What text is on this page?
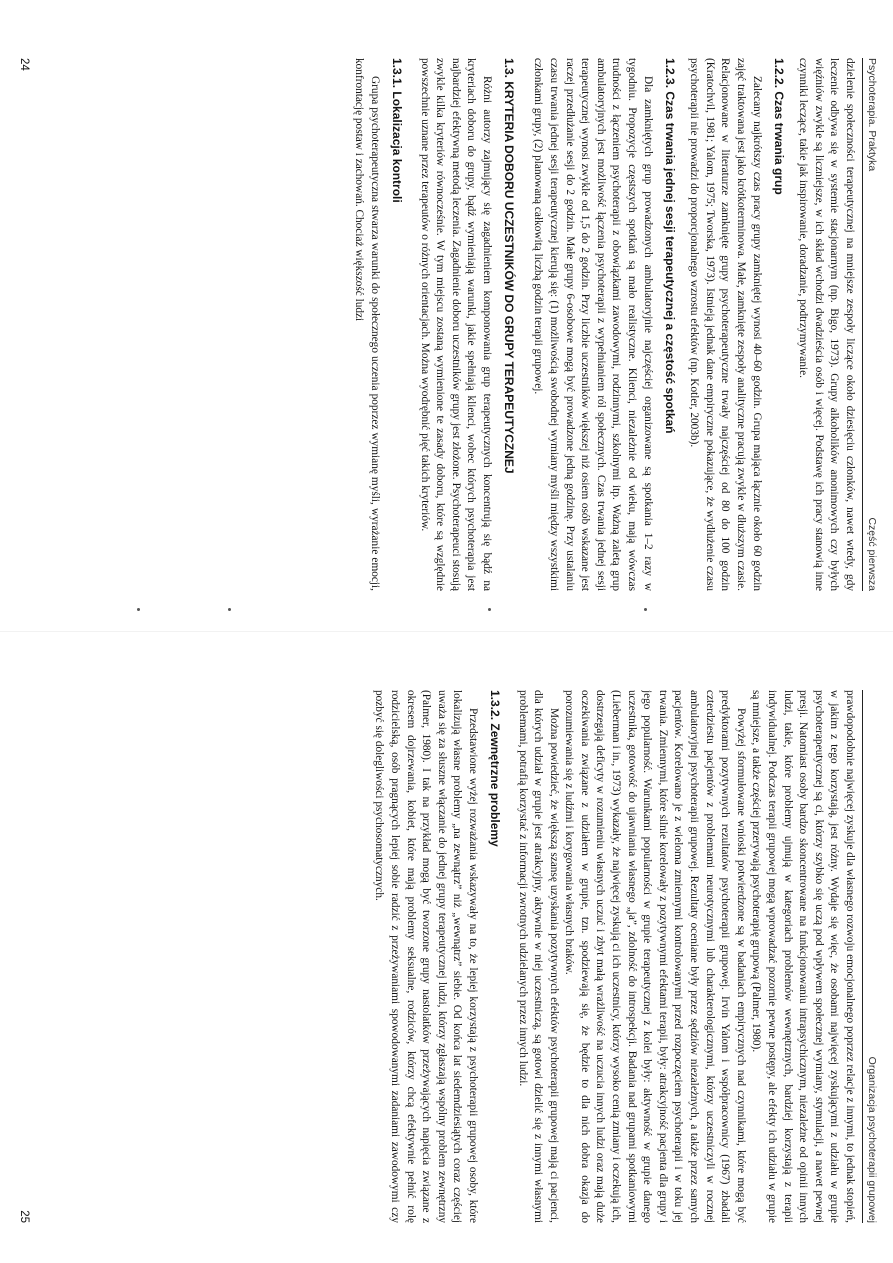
Psychoterapia. Praktyka
Część pierwsza

dzielenie społeczności terapeutycznej na mniejsze zespoły liczące około dziesięciu członków, nawet wtedy, gdy leczenie odbywa się w systemie stacjonarnym (np. Bigo, 1973). Grupy alkoholików anonimowych czy byłych więźniów zwykle są liczniejsze, w ich skład wchodzi dwadzieścia osób i więcej. Podstawę ich pracy stanowią inne czynniki leczące, takie jak inspirowanie, doradzanie, podtrzymywanie.

1.2.2. Czas trwania grup

Zalecany najkrótszy czas pracy grupy zamkniętej wynosi 40–60 godzin. Grupa mająca łącznie około 60 godzin zajęć traktowana jest jako krótkoterminowa. Małe, zamknięte zespoły analityczne pracują zwykle w dłuższym czasie. Relacjonowane w literaturze zamknięte grupy psychoterapeutyczne trwały najczęściej od 80 do 100 godzin (Kratochvil, 1981; Yalom, 1975; Tworska, 1973). Istnieją jednak dane empiryczne pokazujące, że wydłużenie czasu psychoterapii nie prowadzi do proporcjonalnego wzrostu efektów (np. Kotler, 2003b).

1.2.3. Czas trwania jednej sesji terapeutycznej a częstość spotkań

Dla zamkniętych grup prowadzonych ambulatoryjnie najczęściej organizowane są spotkania 1–2 razy w tygodniu. Propozycje częstszych spotkań są mało realistyczne. Klienci, niezależnie od wieku, mają wówczas trudności z łączeniem psychoterapii z obowiązkami zawodowymi, rodzinnymi, szkolnymi itp. Ważną zaletą grup ambulatoryjnych jest możliwość łączenia psychoterapii z wypełnianiem ról społecznych. Czas trwania jednej sesji terapeutycznej wynosi zwykle od 1,5 do 2 godzin. Przy liczbie uczestników większej niż osiem osób wskazane jest raczej przedłużanie sesji do 2 godzin. Małe grupy 6-osobowe mogą być prowadzone jedną godzinę. Przy ustalaniu czasu trwania jednej sesji terapeutycznej kierują się: (1) możliwością swobodnej wymiany myśli między wszystkimi członkami grupy, (2) planowaną całkowitą liczbą godzin terapii grupowej.

1.3. KRYTERIA DOBORU UCZESTNIKÓW DO GRUPY TERAPEUTYCZNEJ

Różni autorzy zajmujący się zagadnieniem komponowania grup terapeutycznych koncentrują się bądź na kryteriach doboru do grupy, bądź wymieniają warunki, jakie spełniają klienci, wobec których psychoterapia jest najbardziej efektywną metodą leczenia. Zagadnienie doboru uczestników grupy jest złożone. Psychoterapeuci stosują zwykle kilka kryteriów równocześnie. W tym miejscu zostaną wymienione te zasady doboru, które są względnie powszechnie uznane przez terapeutów o różnych orientacjach. Można wyodrębnić pięć takich kryteriów.

1.3.1. Lokalizacja kontroli

Grupa psychoterapeutyczna stwarza warunki do społecznego uczenia poprzez wymianę myśli, wyrażanie emocji, konfrontację postaw i zachowań. Chociaż większość ludzi

24
Organizacja psychoterapii grupowej

prawdopodobnie najwięcej zyskuje dla własnego rozwoju emocjonalnego poprzez relacje z innymi, to jednak stopień, w jakim z tego korzystają, jest różny. Wydaje się więc, że osobami najwięcej zyskującymi z udziału w grupie psychoterapeutycznej są ci, którzy szybko się uczą pod wpływem społecznej wymiany, stymulacji, a nawet pewnej presji. Natomiast osoby bardzo skoncentrowane na funkcjonowaniu intrapsychicznym, niezależne od opinii innych ludzi, takie, które problemy ujmują w kategoriach problemów wewnętrznych, bardziej korzystają z terapii indywidualnej. Podczas terapii grupowej mogą wprowadzać pozornie pewne postępy, ale efekty ich udziału w grupie są mniejsze, a także częściej przerywają psychoterapię grupową (Palmer, 1980).

Powyżej sformułowane wnioski potwierdzone są w badaniach empirycznych nad czynnikami, które mogą być predyktorami pozytywnych rezultatów psychoterapii grupowej. Irvin Yalom i współpracownicy (1967) zbadali czterdziestu pacjentów z problemami neurotycznymi lub charakterologicznymi, którzy uczestniczyli w rocznej ambulatoryjnej psychoterapii grupowej. Rezultaty oceniane były przez sędziów niezależnych, a także przez samych pacjentów. Korelowano je z wieloma zmiennymi kontrolowanymi przed rozpoczęciem psychoterapii i w toku jej trwania. Zmiennymi, które silnie korelowały z pozytywnymi efektami terapii, były: atrakcyjność pacjenta dla grupy i jego popularność. Warunkami popularności w grupie terapeutycznej z kolei były: aktywność w grupie danego uczestnika, gotowość do ujawniania własnego „ja”, zdolność do introspekcji. Badania nad grupami spotkaniowymi (Lieberman i in., 1973) wykazały, że najwięcej zyskują ci ich uczestnicy, którzy wysoko cenią zmiany i oczekują ich, dostrzegają deficyty w rozumieniu własnych uczuć i zbyt małą wrażliwość na uczucia innych ludzi oraz mają duże oczekiwania związane z udziałem w grupie, tzn. spodziewają się, że będzie to dla nich dobra okazja do porozumiewania się z ludźmi i korygowania własnych braków.

Można powiedzieć, że większą szansę uzyskania pozytywnych efektów psychoterapii grupowej mają ci pacjenci, dla których udział w grupie jest atrakcyjny, aktywnie w niej uczestniczą, są gotowi dzielić się z innymi własnymi problemami, potrafią korzystać z informacji zwrotnych udzielanych przez innych ludzi.

1.3.2. Zewnętrzne problemy

Przedstawione wyżej rozważania wskazywały na to, że lepiej korzystają z psychoterapii grupowej osoby, które lokalizują własne problemy „na zewnątrz” niż „wewnątrz” siebie. Od końca lat siedemdziesiątych coraz częściej uważa się za słuszne włączanie do jednej grupy terapeutycznej ludzi, którzy zgłaszają wspólny problem zewnętrzny (Palmer, 1980). I tak na przykład mogą być tworzone grupy nastolatków przeżywających napięcia związane z okresem dojrzewania, kobiet, które mają problemy seksualne, rodziców, którzy chcą efektywnie pełnić rolę rodzicielską, osób pragnących lepiej sobie radzić z przeżywaniami spowodowanymi zadaniami zawodowymi czy pozbyć się dolegliwości psychosomatycznych.

25
